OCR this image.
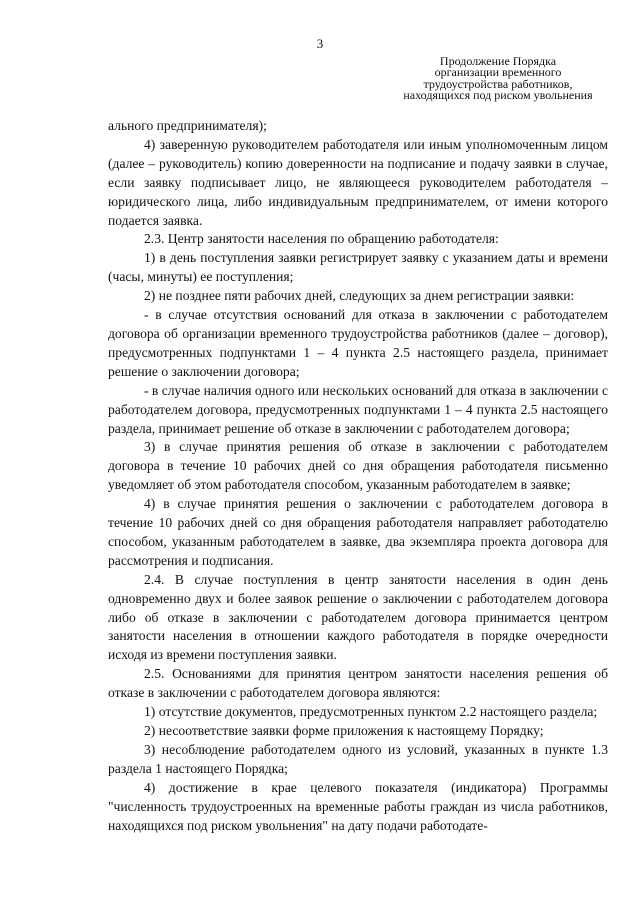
3
Продолжение Порядка
организации временного
трудоустройства работников,
находящихся под риском увольнения

ального предпринимателя);

4) заверенную руководителем работодателя или иным уполномоченным лицом (далее – руководитель) копию доверенности на подписание и подачу заявки в случае, если заявку подписывает лицо, не являющееся руководителем работодателя – юридического лица, либо индивидуальным предпринимателем, от имени которого подается заявка.

2.3. Центр занятости населения по обращению работодателя:

1) в день поступления заявки регистрирует заявку с указанием даты и времени (часы, минуты) ее поступления;

2) не позднее пяти рабочих дней, следующих за днем регистрации заявки:

- в случае отсутствия оснований для отказа в заключении с работодателем договора об организации временного трудоустройства работников (далее – договор), предусмотренных подпунктами 1 – 4 пункта 2.5 настоящего раздела, принимает решение о заключении договора;

- в случае наличия одного или нескольких оснований для отказа в заключении с работодателем договора, предусмотренных подпунктами 1 – 4 пункта 2.5 настоящего раздела, принимает решение об отказе в заключении с работодателем договора;

3) в случае принятия решения об отказе в заключении с работодателем договора в течение 10 рабочих дней со дня обращения работодателя письменно уведомляет об этом работодателя способом, указанным работодателем в заявке;

4) в случае принятия решения о заключении с работодателем договора в течение 10 рабочих дней со дня обращения работодателя направляет работодателю способом, указанным работодателем в заявке, два экземпляра проекта договора для рассмотрения и подписания.

2.4. В случае поступления в центр занятости населения в один день одновременно двух и более заявок решение о заключении с работодателем договора либо об отказе в заключении с работодателем договора принимается центром занятости населения в отношении каждого работодателя в порядке очередности исходя из времени поступления заявки.

2.5. Основаниями для принятия центром занятости населения решения об отказе в заключении с работодателем договора являются:

1) отсутствие документов, предусмотренных пунктом 2.2 настоящего раздела;

2) несоответствие заявки форме приложения к настоящему Порядку;

3) несоблюдение работодателем одного из условий, указанных в пункте 1.3 раздела 1 настоящего Порядка;

4) достижение в крае целевого показателя (индикатора) Программы "численность трудоустроенных на временные работы граждан из числа работников, находящихся под риском увольнения" на дату подачи работодате-
